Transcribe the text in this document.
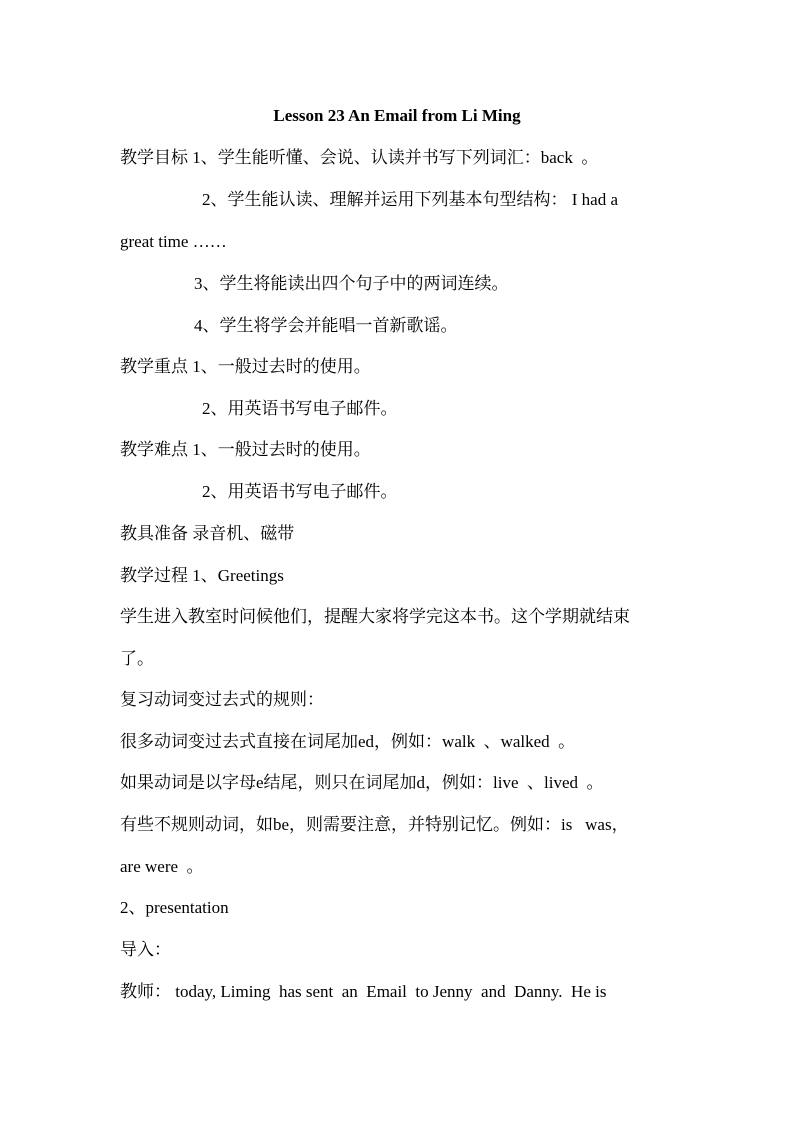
Lesson 23 An Email from Li Ming
教学目标 1、学生能听懂、会说、认读并书写下列词汇：back  。
2、学生能认读、理解并运用下列基本句型结构： I had a
great time ……
3、学生将能读出四个句子中的两词连续。
4、学生将学会并能唱一首新歌谣。
教学重点 1、一般过去时的使用。
2、用英语书写电子邮件。
教学难点 1、一般过去时的使用。
2、用英语书写电子邮件。
教具准备 录音机、磁带
教学过程 1、Greetings
学生进入教室时问候他们，提醒大家将学完这本书。这个学期就结束
了。
复习动词变过去式的规则：
很多动词变过去式直接在词尾加ed，例如：walk  、walked  。
如果动词是以字母e结尾，则只在词尾加d，例如：live  、lived  。
有些不规则动词，如be，则需要注意，并特别记忆。例如：is   was，
are were  。
2、presentation
导入：
教师： today, Liming  has sent  an  Email  to Jenny  and  Danny.  He is
